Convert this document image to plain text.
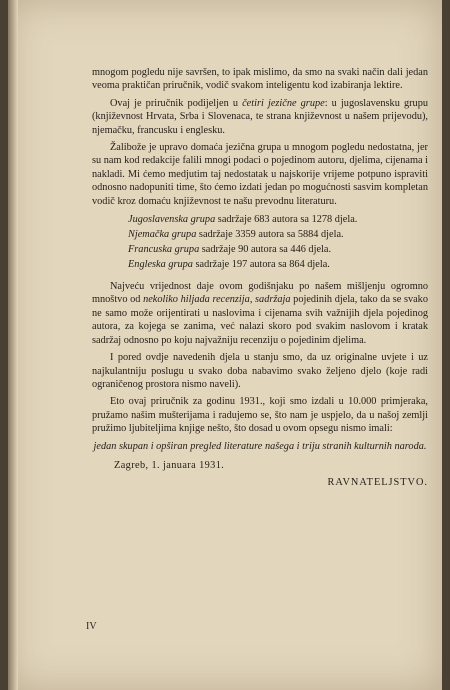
mnogom pogledu nije savršen, to ipak mislimo, da smo na svaki način dali jedan veoma praktičan priručnik, vodič svakom inteligentu kod izabiranja lektire.

Ovaj je priručnik podijeljen u četiri jezične grupe: u jugoslavensku grupu (književnost Hrvata, Srba i Slovenaca, te strana književnost u našem prijevodu), njemačku, francusku i englesku.

Žalibože je upravo domaća jezična grupa u mnogom pogledu nedostatna, jer su nam kod redakcije falili mnogi podaci o pojedinom autoru, djelima, cijenama i nakladi. Mi ćemo medjutim taj nedostatak u najskorije vrijeme potpuno ispraviti odnosno nadopuniti time, što ćemo izdati jedan po mogućnosti sasvim kompletan vodič kroz domaću književnost te našu prevodnu literaturu.

Jugoslavenska grupa sadržaje 683 autora sa 1278 djela.
Njemačka grupa sadržaje 3359 autora sa 5884 djela.
Francuska grupa sadržaje 90 autora sa 446 djela.
Engleska grupa sadržaje 197 autora sa 864 djela.

Najveću vrijednost daje ovom godišnjaku po našem mišljenju ogromno mnoštvo od nekoliko hiljada recenzija, sadržaja pojedinih djela, tako da se svako ne samo može orijentirati u naslovima i cijenama svih važnijih djela pojedinog autora, za kojega se zanima, već nalazi skoro pod svakim naslovom i kratak sadržaj odnosno po koju najvažniju recenziju o pojedinim djelima.

I pored ovdje navedenih djela u stanju smo, da uz originalne uvjete i uz najkulantniju poslugu u svako doba nabavimo svako željeno djelo (koje radi ograničenog prostora nismo naveli).

Eto ovaj priručnik za godinu 1931., koji smo izdali u 10.000 primjeraka, pružamo našim mušterijama i radujemo se, što nam je uspjelo, da u našoj zemlji pružimo ljubiteljima knjige nešto, što dosad u ovom opsegu nismo imali:

jedan skupan i opširan pregled literature našega i triju stranih kulturnih naroda.

Zagreb, 1. januara 1931.
RAVNATELJSTVO.
IV
